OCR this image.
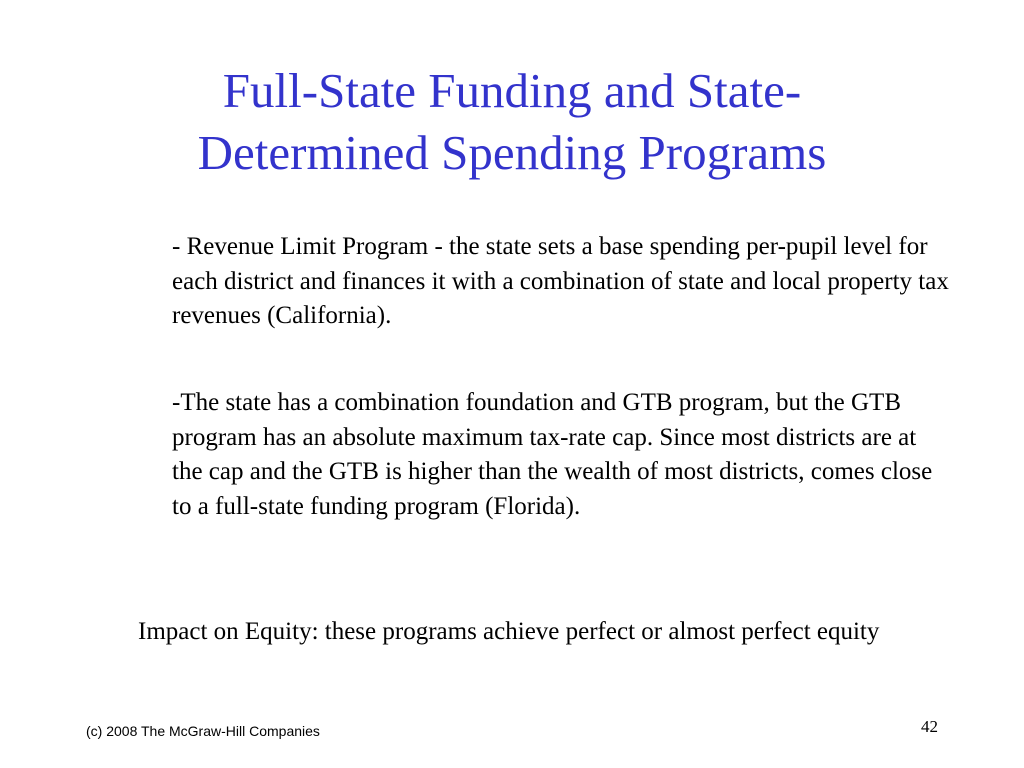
Full-State Funding and State-
Determined Spending Programs

- Revenue Limit Program - the state sets a base spending per-pupil level for each district and finances it with a combination of state and local property tax revenues (California).

-The state has a combination foundation and GTB program, but the GTB program has an absolute maximum tax-rate cap. Since most districts are at the cap and the GTB is higher than the wealth of most districts, comes close to a full-state funding program (Florida).

Impact on Equity: these programs achieve perfect or almost perfect equity

(c) 2008 The McGraw-Hill Companies	42
